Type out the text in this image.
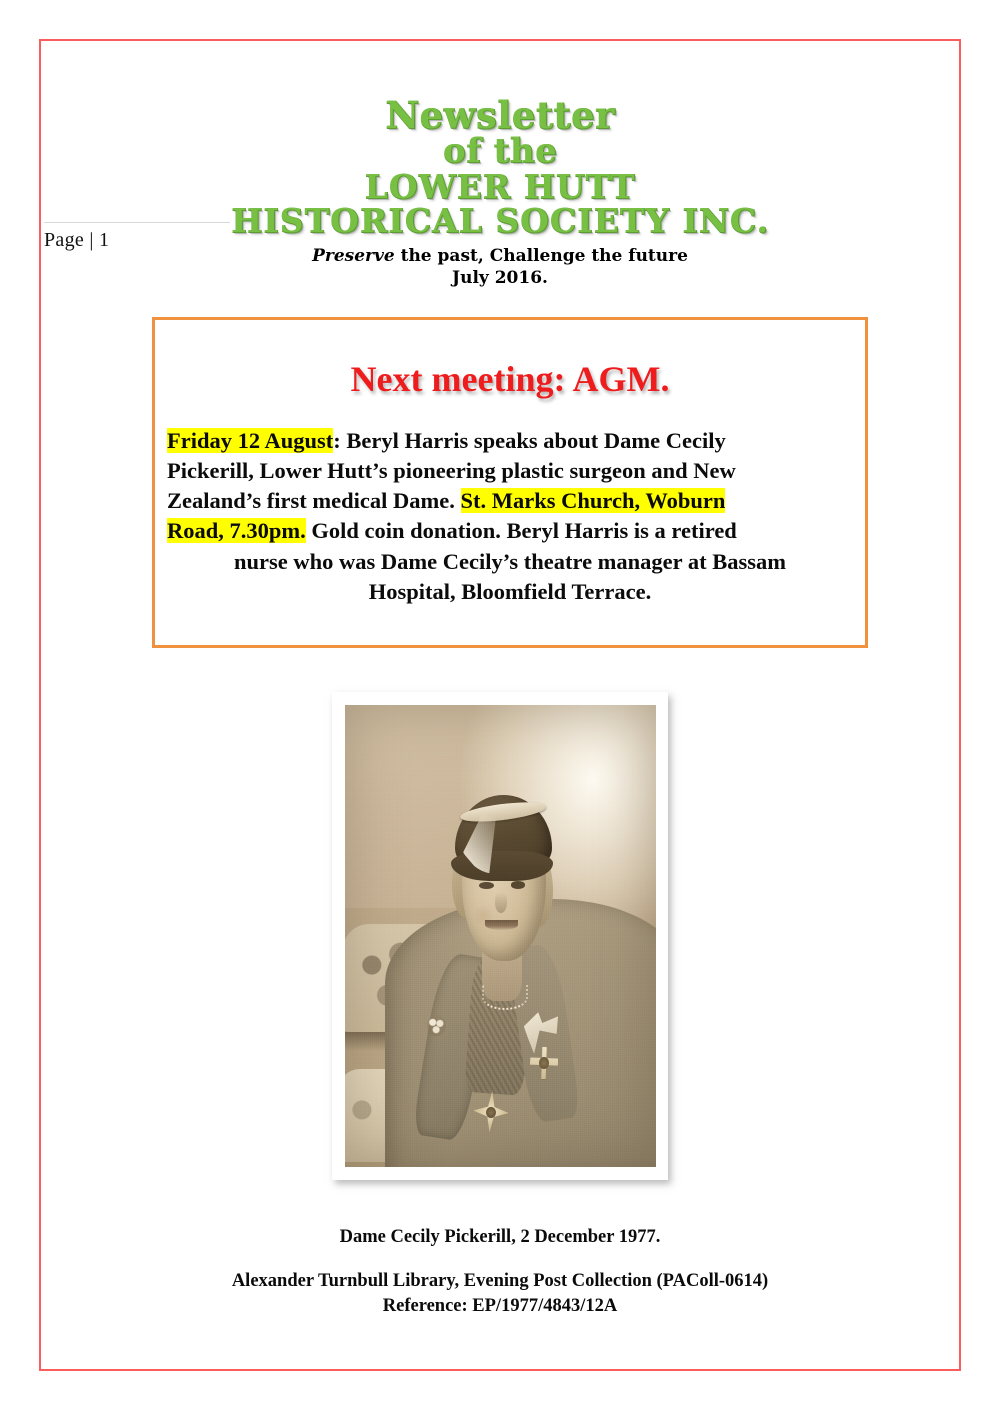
Page | 1
Newsletter
of the
LOWER HUTT
HISTORICAL SOCIETY INC.
Preserve the past, Challenge the future
July 2016.
Next meeting: AGM.
Friday 12 August: Beryl Harris speaks about Dame Cecily
Pickerill, Lower Hutt’s pioneering plastic surgeon and New
Zealand’s first medical Dame. St. Marks Church, Woburn
Road, 7.30pm. Gold coin donation. Beryl Harris is a retired
nurse who was Dame Cecily’s theatre manager at Bassam
Hospital, Bloomfield Terrace.
Dame Cecily Pickerill, 2 December 1977.
Alexander Turnbull Library, Evening Post Collection (PAColl-0614)
Reference: EP/1977/4843/12A
